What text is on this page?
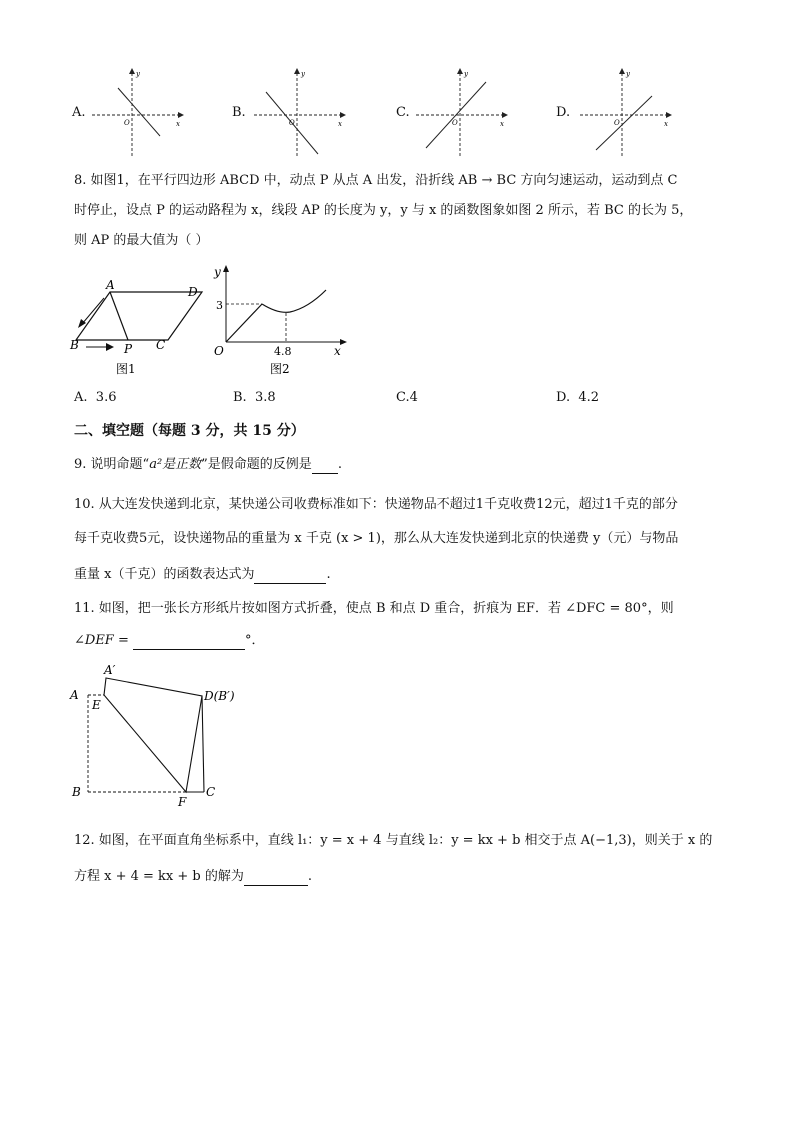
A.
y
x
O
B.
y
x
O
C.
y
x
O
D.
y
x
O
8. 如图1，在平行四边形 ABCD 中，动点 P 从点 A 出发，沿折线 AB → BC 方向匀速运动，运动到点 C
时停止，设点 P 的运动路程为 x，线段 AP 的长度为 y，y 与 x 的函数图象如图 2 所示，若 BC 的长为 5，
则 AP 的最大值为（ ）
A	D
B	P C
图1
y
3
O	4.8	x
图2
A. 3.6	B. 3.8	C.4	D. 4.2
二、填空题（每题 3 分，共 15 分）
9. 说明命题“a²是正数”是假命题的反例是 .
10. 从大连发快递到北京，某快递公司收费标准如下：快递物品不超过1千克收费12元，超过1千克的部分
每千克收费5元，设快递物品的重量为 x 千克 (x > 1)，那么从大连发快递到北京的快递费 y（元）与物品
重量 x（千克）的函数表达式为	.
11. 如图，把一张长方形纸片按如图方式折叠，使点 B 和点 D 重合，折痕为 EF．若 ∠DFC = 80°，则
∠DEF =	°．
A′
A
E
D(B′)
B
F
C
12. 如图，在平面直角坐标系中，直线 l₁：y = x + 4 与直线 l₂：y = kx + b 相交于点 A(−1,3)，则关于 x 的
方程 x + 4 = kx + b 的解为	.
